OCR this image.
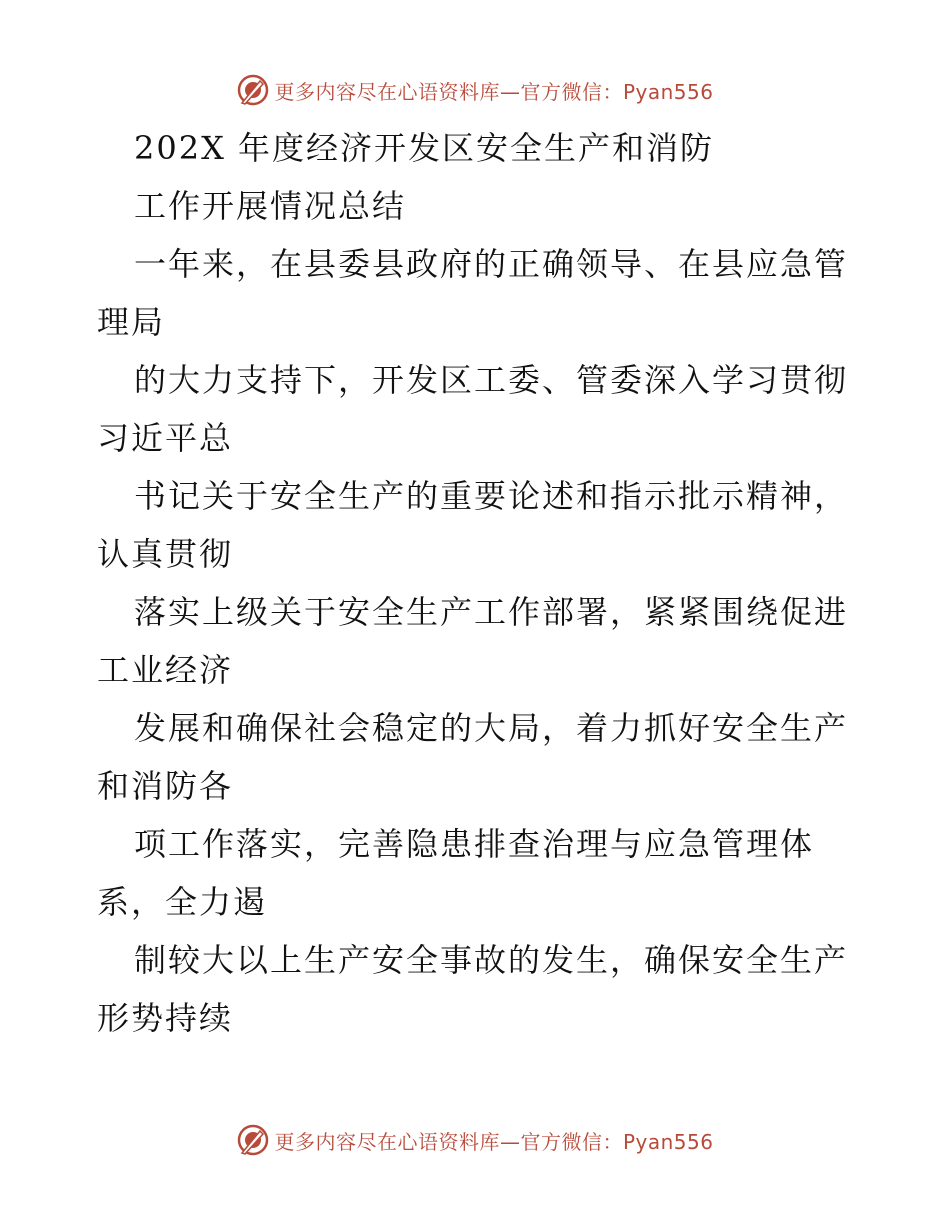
更多内容尽在心语资料库—官方微信：Pyan556
202X 年度经济开发区安全生产和消防
工作开展情况总结
一年来，在县委县政府的正确领导、在县应急管
理局
的大力支持下，开发区工委、管委深入学习贯彻
习近平总
书记关于安全生产的重要论述和指示批示精神，
认真贯彻
落实上级关于安全生产工作部署，紧紧围绕促进
工业经济
发展和确保社会稳定的大局，着力抓好安全生产
和消防各
项工作落实，完善隐患排查治理与应急管理体
系，全力遏
制较大以上生产安全事故的发生，确保安全生产
形势持续
更多内容尽在心语资料库—官方微信：Pyan556
